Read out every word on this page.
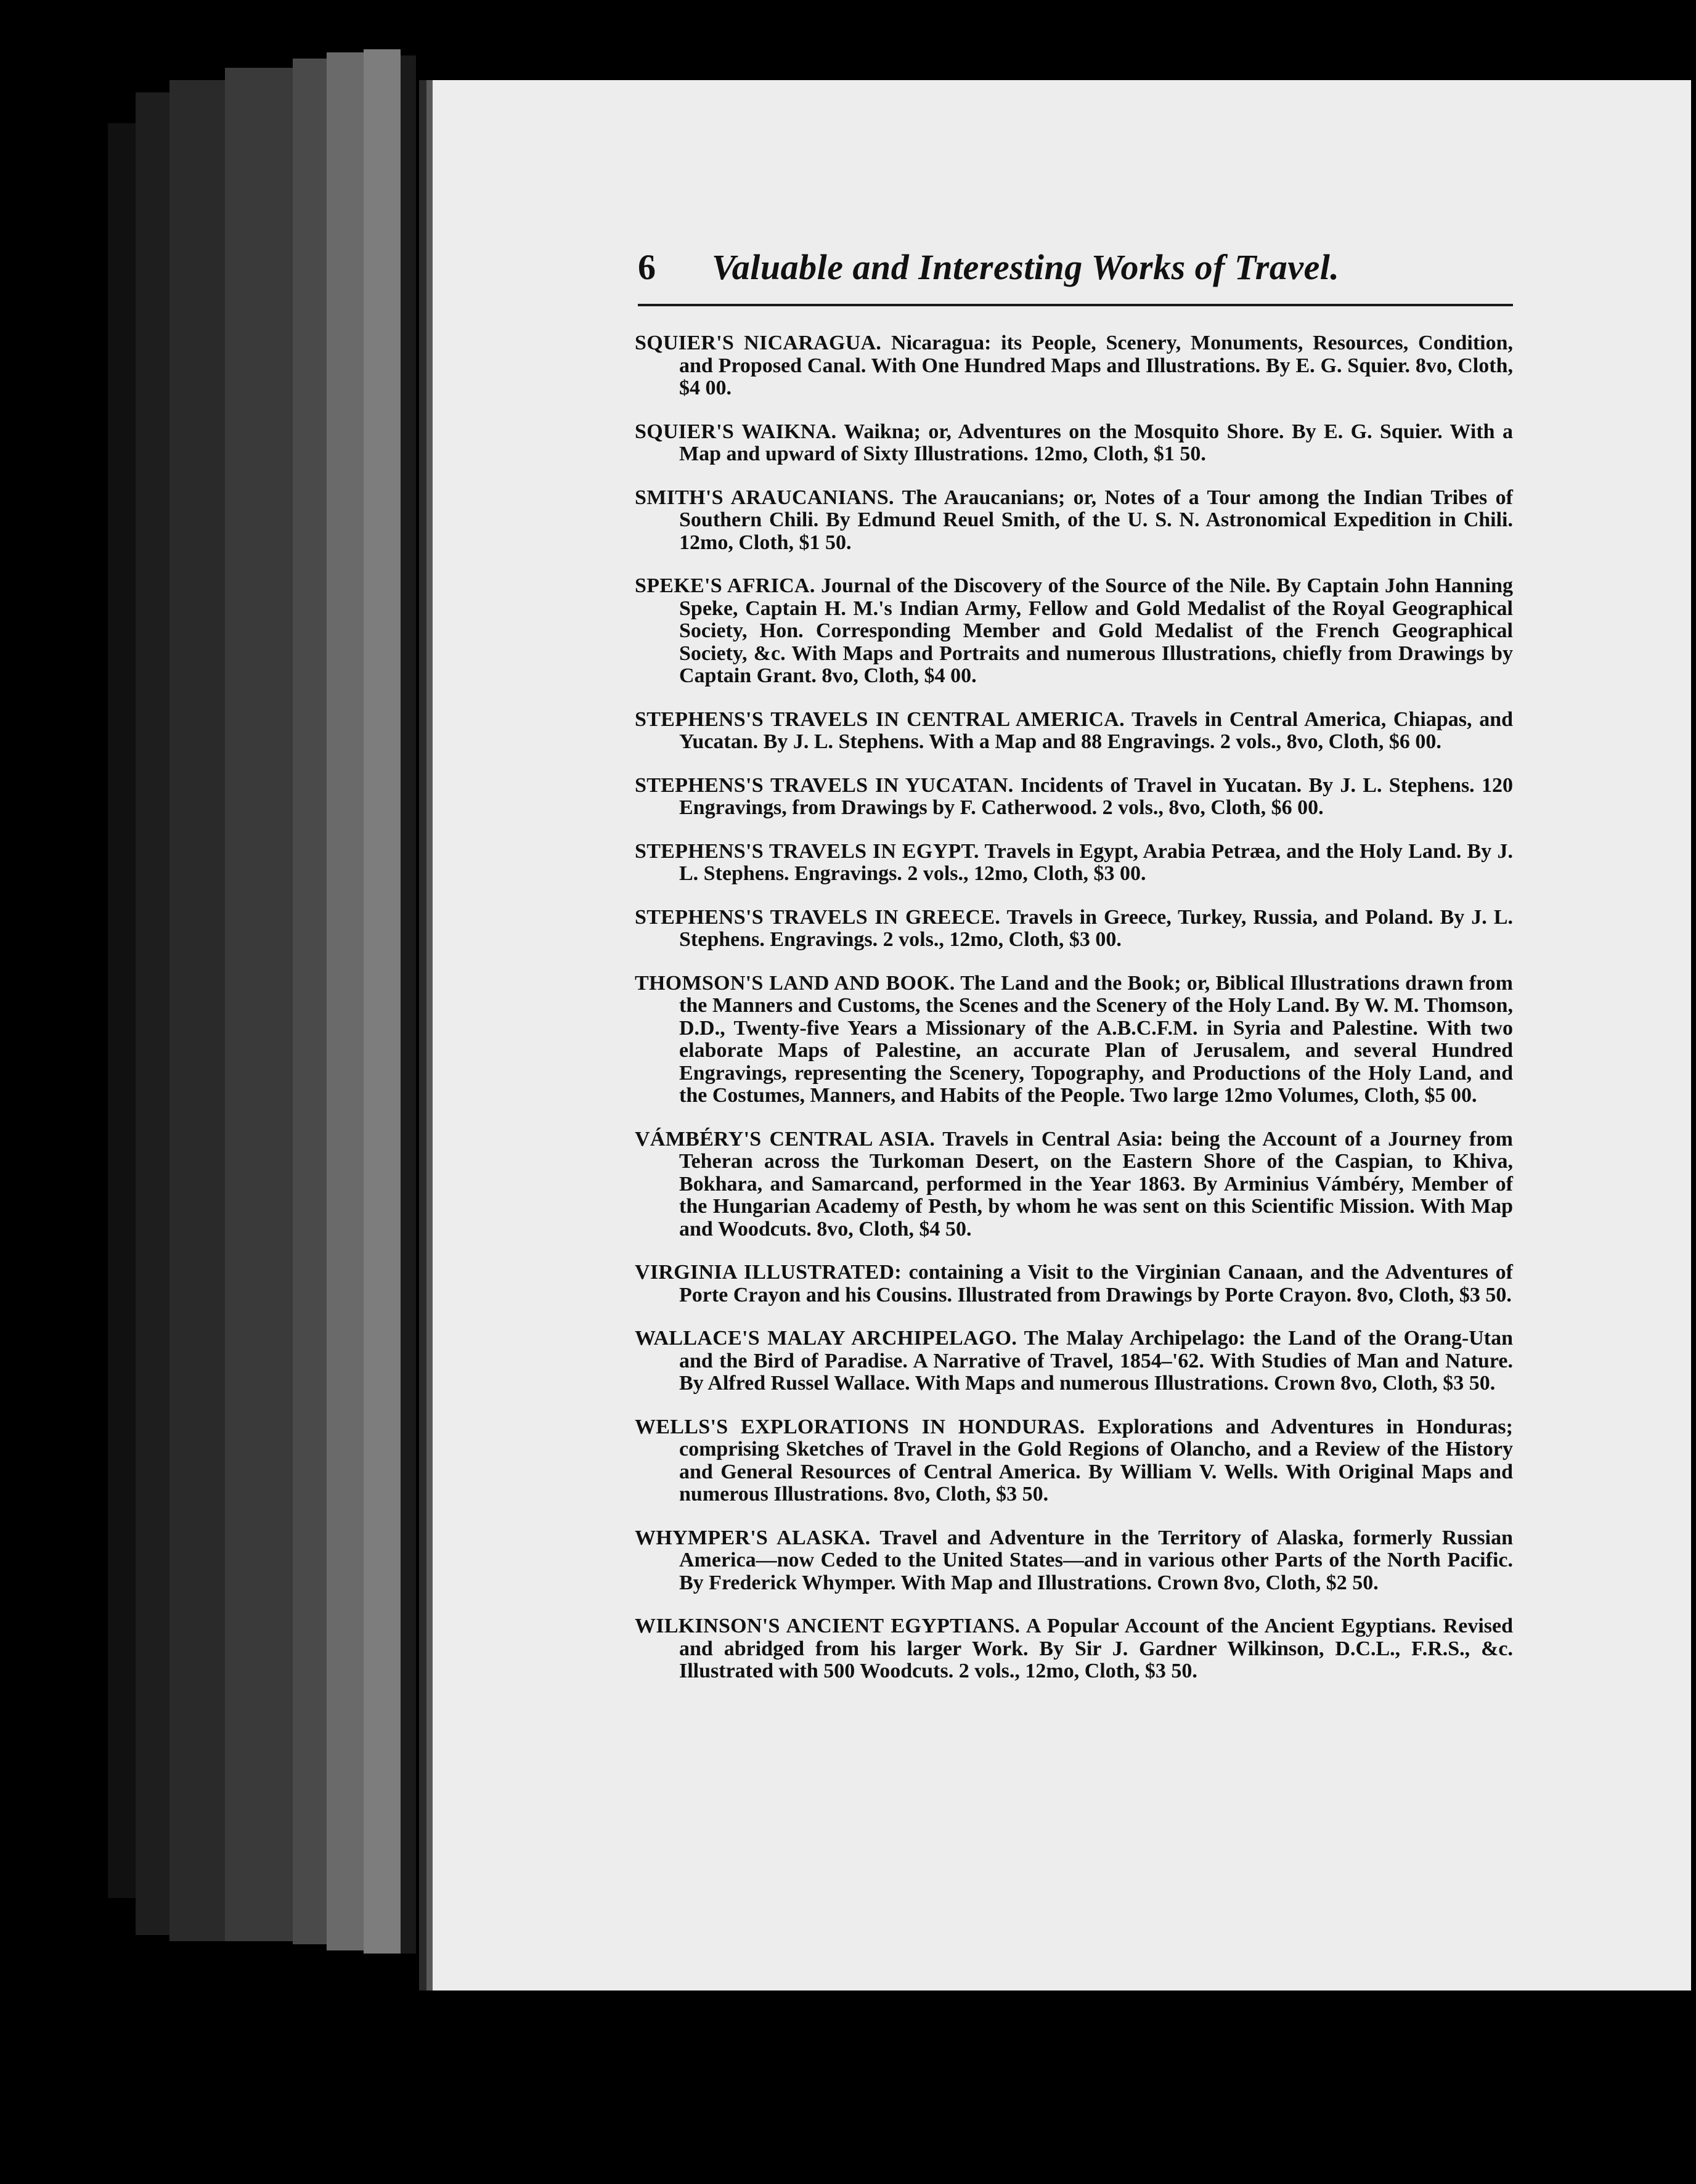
6	Valuable and Interesting Works of Travel.

SQUIER'S NICARAGUA. Nicaragua: its People, Scenery, Monuments, Resources, Condition, and Proposed Canal. With One Hundred Maps and Illustrations. By E. G. Squier. 8vo, Cloth, $4 00.

SQUIER'S WAIKNA. Waikna; or, Adventures on the Mosquito Shore. By E. G. Squier. With a Map and upward of Sixty Illustrations. 12mo, Cloth, $1 50.

SMITH'S ARAUCANIANS. The Araucanians; or, Notes of a Tour among the Indian Tribes of Southern Chili. By Edmund Reuel Smith, of the U. S. N. Astronomical Expedition in Chili. 12mo, Cloth, $1 50.

SPEKE'S AFRICA. Journal of the Discovery of the Source of the Nile. By Captain John Hanning Speke, Captain H. M.'s Indian Army, Fellow and Gold Medalist of the Royal Geographical Society, Hon. Corresponding Member and Gold Medalist of the French Geographical Society, &c. With Maps and Portraits and numerous Illustrations, chiefly from Drawings by Captain Grant. 8vo, Cloth, $4 00.

STEPHENS'S TRAVELS IN CENTRAL AMERICA. Travels in Central America, Chiapas, and Yucatan. By J. L. Stephens. With a Map and 88 Engravings. 2 vols., 8vo, Cloth, $6 00.

STEPHENS'S TRAVELS IN YUCATAN. Incidents of Travel in Yucatan. By J. L. Stephens. 120 Engravings, from Drawings by F. Catherwood. 2 vols., 8vo, Cloth, $6 00.

STEPHENS'S TRAVELS IN EGYPT. Travels in Egypt, Arabia Petræa, and the Holy Land. By J. L. Stephens. Engravings. 2 vols., 12mo, Cloth, $3 00.

STEPHENS'S TRAVELS IN GREECE. Travels in Greece, Turkey, Russia, and Poland. By J. L. Stephens. Engravings. 2 vols., 12mo, Cloth, $3 00.

THOMSON'S LAND AND BOOK. The Land and the Book; or, Biblical Illustrations drawn from the Manners and Customs, the Scenes and the Scenery of the Holy Land. By W. M. Thomson, D.D., Twenty-five Years a Missionary of the A.B.C.F.M. in Syria and Palestine. With two elaborate Maps of Palestine, an accurate Plan of Jerusalem, and several Hundred Engravings, representing the Scenery, Topography, and Productions of the Holy Land, and the Costumes, Manners, and Habits of the People. Two large 12mo Volumes, Cloth, $5 00.

VÁMBÉRY'S CENTRAL ASIA. Travels in Central Asia: being the Account of a Journey from Teheran across the Turkoman Desert, on the Eastern Shore of the Caspian, to Khiva, Bokhara, and Samarcand, performed in the Year 1863. By Arminius Vámbéry, Member of the Hungarian Academy of Pesth, by whom he was sent on this Scientific Mission. With Map and Woodcuts. 8vo, Cloth, $4 50.

VIRGINIA ILLUSTRATED: containing a Visit to the Virginian Canaan, and the Adventures of Porte Crayon and his Cousins. Illustrated from Drawings by Porte Crayon. 8vo, Cloth, $3 50.

WALLACE'S MALAY ARCHIPELAGO. The Malay Archipelago: the Land of the Orang-Utan and the Bird of Paradise. A Narrative of Travel, 1854–'62. With Studies of Man and Nature. By Alfred Russel Wallace. With Maps and numerous Illustrations. Crown 8vo, Cloth, $3 50.

WELLS'S EXPLORATIONS IN HONDURAS. Explorations and Adventures in Honduras; comprising Sketches of Travel in the Gold Regions of Olancho, and a Review of the History and General Resources of Central America. By William V. Wells. With Original Maps and numerous Illustrations. 8vo, Cloth, $3 50.

WHYMPER'S ALASKA. Travel and Adventure in the Territory of Alaska, formerly Russian America—now Ceded to the United States—and in various other Parts of the North Pacific. By Frederick Whymper. With Map and Illustrations. Crown 8vo, Cloth, $2 50.

WILKINSON'S ANCIENT EGYPTIANS. A Popular Account of the Ancient Egyptians. Revised and abridged from his larger Work. By Sir J. Gardner Wilkinson, D.C.L., F.R.S., &c. Illustrated with 500 Woodcuts. 2 vols., 12mo, Cloth, $3 50.
